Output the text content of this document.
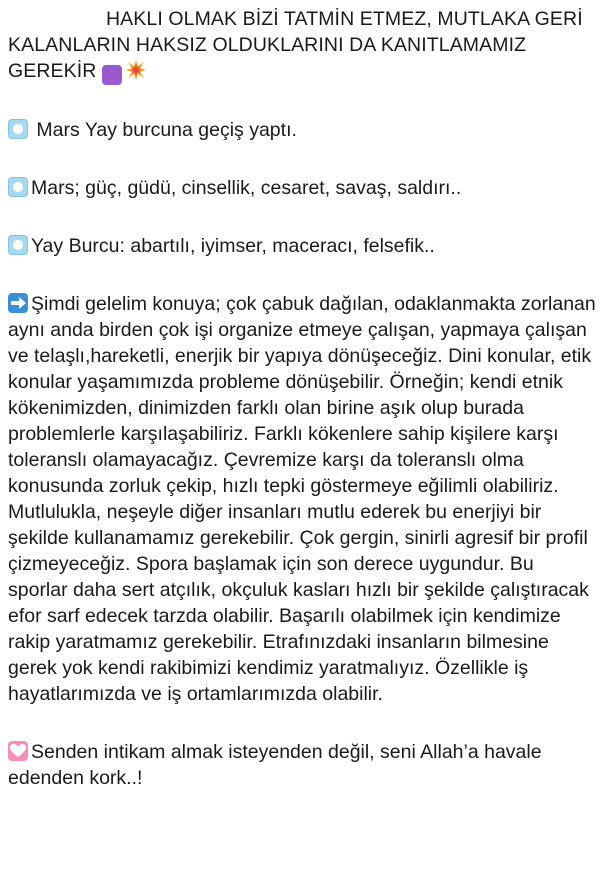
HAKLI OLMAK BİZİ TATMİN ETMEZ, MUTLAKA GERİ KALANLARIN HAKSIZ OLDUKLARINI DA KANITLAMAMIZ GEREKİR	♐

Mars Yay burcuna geçiş yaptı.

Mars; güç, güdü, cinsellik, cesaret, savaş, saldırı..

Yay Burcu: abartılı, iyimser, maceracı, felsefik..

Şimdi gelelim konuya; çok çabuk dağılan, odaklanmakta zorlanan aynı anda birden çok işi organize etmeye çalışan, yapmaya çalışan ve telaşlı,hareketli, enerjik bir yapıya dönüşeceğiz. Dini konular, etik konular yaşamımızda probleme dönüşebilir. Örneğin; kendi etnik kökenimizden, dinimizden farklı olan birine aşık olup burada problemlerle karşılaşabiliriz. Farklı kökenlere sahip kişilere karşı toleranslı olamayacağız. Çevremize karşı da toleranslı olma konusunda zorluk çekip, hızlı tepki göstermeye eğilimli olabiliriz. Mutlulukla, neşeyle diğer insanları mutlu ederek bu enerjiyi bir şekilde kullanamamız gerekebilir. Çok gergin, sinirli agresif bir profil çizmeyeceğiz. Spora başlamak için son derece uygundur. Bu sporlar daha sert atçılık, okçuluk kasları hızlı bir şekilde çalıştıracak efor sarf edecek tarzda olabilir. Başarılı olabilmek için kendimize rakip yaratmamız gerekebilir. Etrafınızdaki insanların bilmesine gerek yok kendi rakibimizi kendimiz yaratmalıyız. Özellikle iş hayatlarımızda ve iş ortamlarımızda olabilir.

Senden intikam almak isteyenden değil, seni Allah’a havale edenden kork..!
